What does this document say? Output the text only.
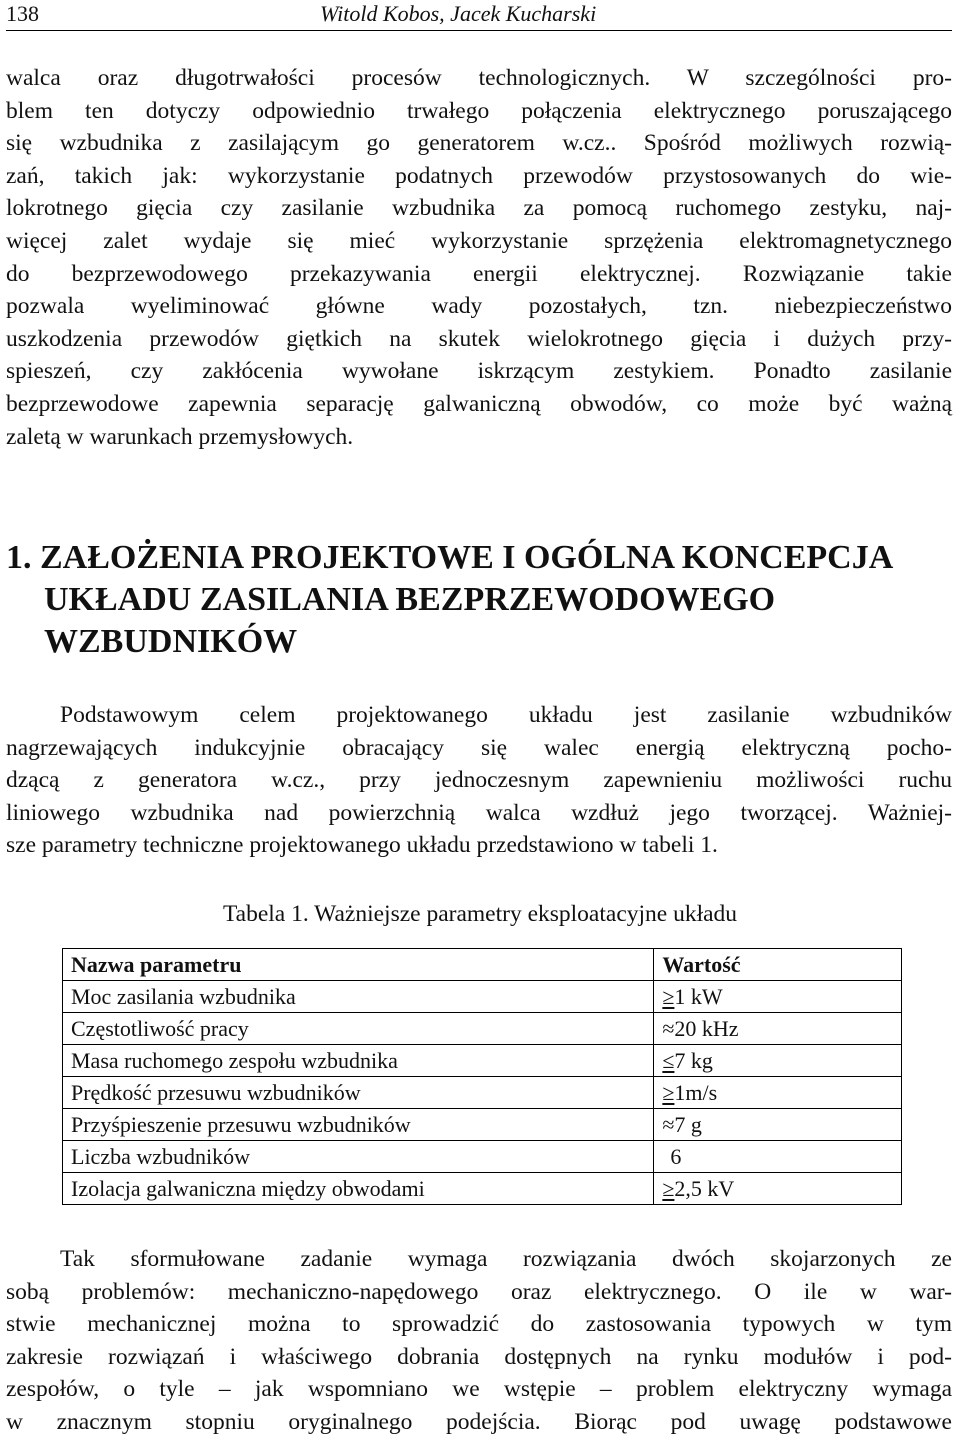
138	Witold Kobos, Jacek Kucharski
walca oraz długotrwałości procesów technologicznych. W szczególności pro-
blem ten dotyczy odpowiednio trwałego połączenia elektrycznego poruszającego
się wzbudnika z zasilającym go generatorem w.cz.. Spośród możliwych rozwią-
zań, takich jak: wykorzystanie podatnych przewodów przystosowanych do wie-
lokrotnego gięcia czy zasilanie wzbudnika za pomocą ruchomego zestyku, naj-
więcej zalet wydaje się mieć wykorzystanie sprzężenia elektromagnetycznego
do bezprzewodowego przekazywania energii elektrycznej. Rozwiązanie takie
pozwala wyeliminować główne wady pozostałych, tzn. niebezpieczeństwo
uszkodzenia przewodów giętkich na skutek wielokrotnego gięcia i dużych przy-
spieszeń, czy zakłócenia wywołane iskrzącym zestykiem. Ponadto zasilanie
bezprzewodowe zapewnia separację galwaniczną obwodów, co może być ważną
zaletą w warunkach przemysłowych.
1. ZAŁOŻENIA PROJEKTOWE I OGÓLNA KONCEPCJA
UKŁADU ZASILANIA BEZPRZEWODOWEGO
WZBUDNIKÓW
Podstawowym celem projektowanego układu jest zasilanie wzbudników
nagrzewających indukcyjnie obracający się walec energią elektryczną pocho-
dzącą z generatora w.cz., przy jednoczesnym zapewnieniu możliwości ruchu
liniowego wzbudnika nad powierzchnią walca wzdłuż jego tworzącej. Ważniej-
sze parametry techniczne projektowanego układu przedstawiono w tabeli 1.

Tabela 1. Ważniejsze parametry eksploatacyjne układu

Nazwa parametru	Wartość
Moc zasilania wzbudnika	≥1 kW
Częstotliwość pracy	≈20 kHz
Masa ruchomego zespołu wzbudnika	≤7 kg
Prędkość przesuwu wzbudników	≥1m/s
Przyśpieszenie przesuwu wzbudników	≈7 g
Liczba wzbudników	6
Izolacja galwaniczna między obwodami	≥2,5 kV
Tak sformułowane zadanie wymaga rozwiązania dwóch skojarzonych ze
sobą problemów: mechaniczno-napędowego oraz elektrycznego. O ile w war-
stwie mechanicznej można to sprowadzić do zastosowania typowych w tym
zakresie rozwiązań i właściwego dobrania dostępnych na rynku modułów i pod-
zespołów, o tyle – jak wspomniano we wstępie – problem elektryczny wymaga
w znacznym stopniu oryginalnego podejścia. Biorąc pod uwagę podstawowe
